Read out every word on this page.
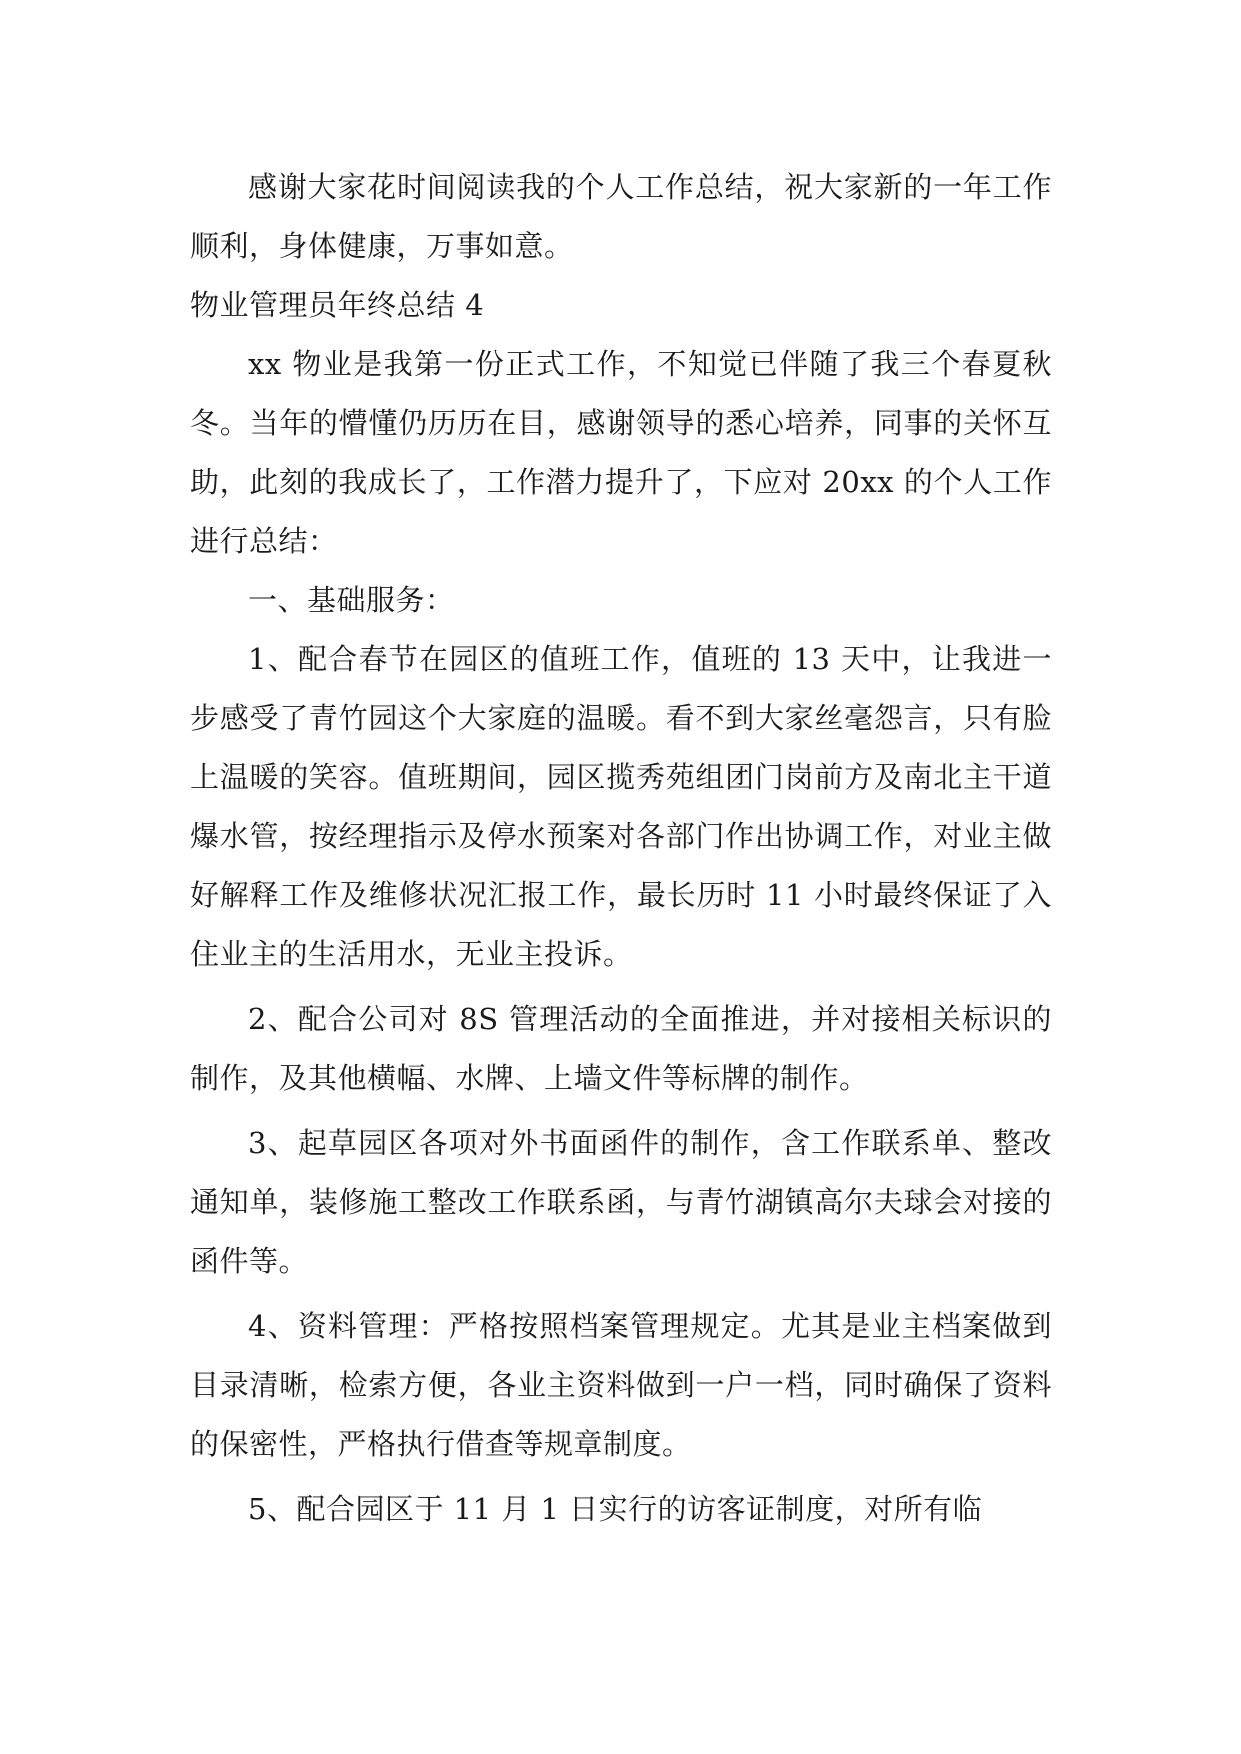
感谢大家花时间阅读我的个人工作总结，祝大家新的一年工作顺利，身体健康，万事如意。

物业管理员年终总结 4

xx 物业是我第一份正式工作，不知觉已伴随了我三个春夏秋冬。当年的懵懂仍历历在目，感谢领导的悉心培养，同事的关怀互助，此刻的我成长了，工作潜力提升了，下应对 20xx 的个人工作进行总结：

一、基础服务：

1、配合春节在园区的值班工作，值班的 13 天中，让我进一步感受了青竹园这个大家庭的温暖。看不到大家丝毫怨言，只有脸上温暖的笑容。值班期间，园区揽秀苑组团门岗前方及南北主干道爆水管，按经理指示及停水预案对各部门作出协调工作，对业主做好解释工作及维修状况汇报工作，最长历时 11 小时最终保证了入住业主的生活用水，无业主投诉。

2、配合公司对 8S 管理活动的全面推进，并对接相关标识的制作，及其他横幅、水牌、上墙文件等标牌的制作。

3、起草园区各项对外书面函件的制作，含工作联系单、整改通知单，装修施工整改工作联系函，与青竹湖镇高尔夫球会对接的函件等。

4、资料管理：严格按照档案管理规定。尤其是业主档案做到目录清晰，检索方便，各业主资料做到一户一档，同时确保了资料的保密性，严格执行借查等规章制度。

5、配合园区于 11 月 1 日实行的访客证制度，对所有临
